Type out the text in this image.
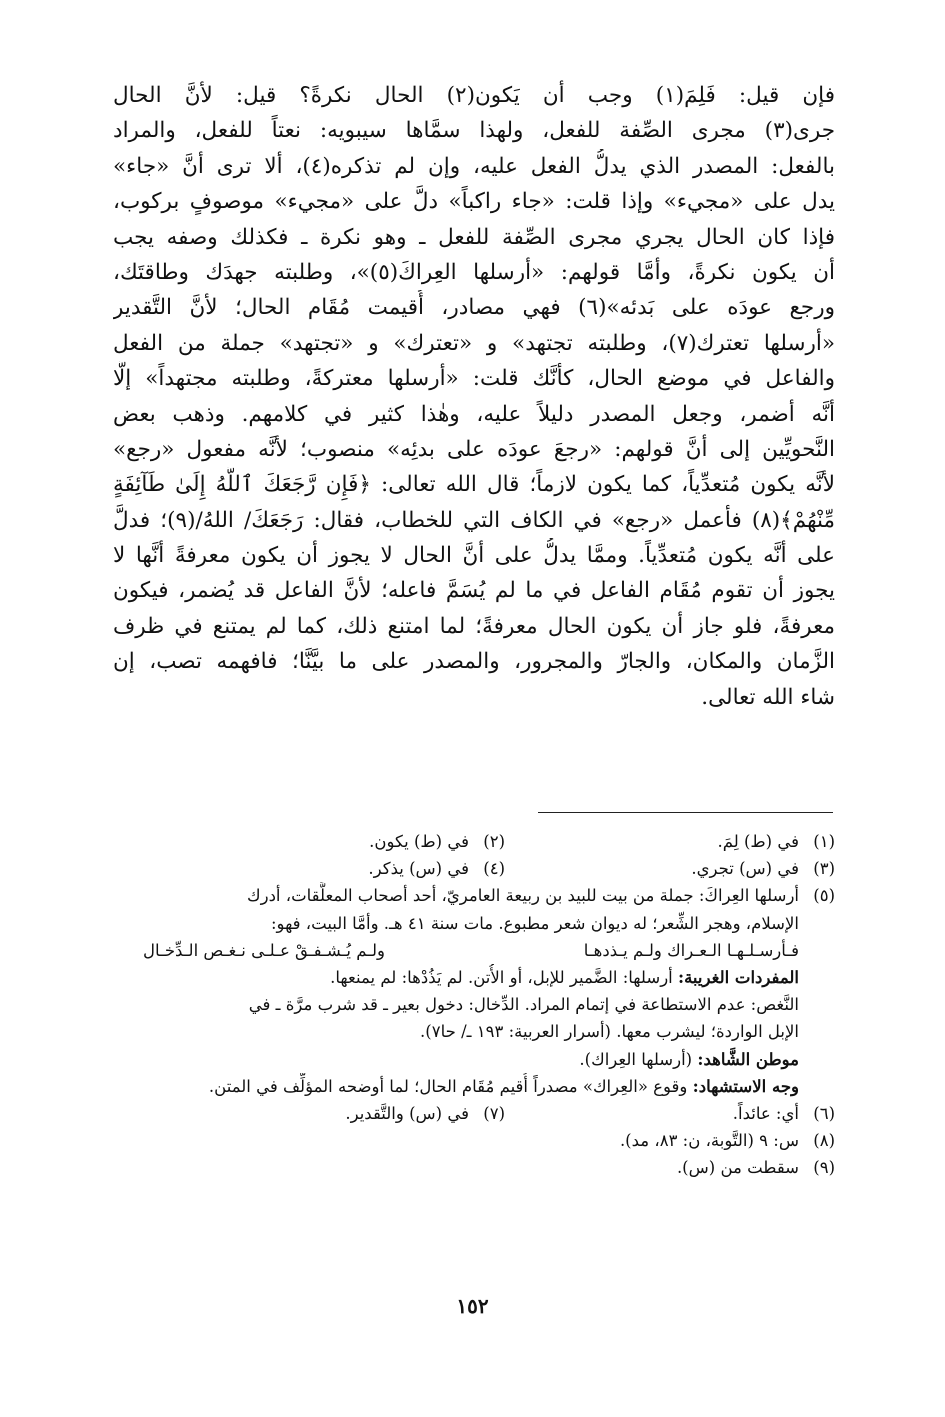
فإن قيل: فَلِمَ(١) وجب أن يَكون(٢) الحال نكرةً؟ قيل: لأنَّ الحال
جرى(٣) مجرى الصِّفة للفعل، ولهذا سمَّاها سيبويه: نعتاً للفعل، والمراد
بالفعل: المصدر الذي يدلُّ الفعل عليه، وإن لم تذكره(٤)، ألا ترى أنَّ «جاء»
يدل على «مجيء» وإذا قلت: «جاء راكباً» دلَّ على «مجيء» موصوفٍ بركوب،
فإذا كان الحال يجري مجرى الصِّفة للفعل ـ وهو نكرة ـ فكذلك وصفه يجب
أن يكون نكرةً، وأمَّا قولهم: «أرسلها العِراكَ(٥)»، وطلبته جهدَك وطاقتَك،
ورجع عودَه على بَدئه»(٦) فهي مصادر، أُقيمت مُقَام الحال؛ لأنَّ التَّقدير
«أرسلها تعترك(٧)، وطلبته تجتهد» و «تعترك» و «تجتهد» جملة من الفعل
والفاعل في موضع الحال، كأنَّك قلت: «أرسلها معتركةً، وطلبته مجتهداً» إلَّا
أنَّه أضمر، وجعل المصدر دليلاً عليه، وهٰذا كثير في كلامهم. وذهب بعض
النَّحويِّين إلى أنَّ قولهم: «رجعَ عودَه على بدئِه» منصوب؛ لأنَّه مفعول «رجع»
لأنَّه يكون مُتعدِّياً، كما يكون لازماً؛ قال الله تعالى: ﴿فَإِن رَّجَعَكَ ٱللَّهُ إِلَىٰ طَآئِفَةٍ
مِّنْهُمْ﴾(٨) فأعمل «رجع» في الكاف التي للخطاب، فقال: رَجَعَكَ/ اللهُ/(٩)؛ فدلَّ
على أنَّه يكون مُتعدِّياً. وممَّا يدلُّ على أنَّ الحال لا يجوز أن يكون معرفةً أنَّها لا
يجوز أن تقوم مُقَام الفاعل في ما لم يُسَمَّ فاعله؛ لأنَّ الفاعل قد يُضمر، فيكون
معرفةً، فلو جاز أن يكون الحال معرفةً؛ لما امتنع ذلك، كما لم يمتنع في ظرف
الزَّمان والمكان، والجارّ والمجرور، والمصدر على ما بيَّنَّا؛ فافهمه تصب، إن
شاء الله تعالى.
(١)
في (ط) لِمَ.
(٢)
في (ط) يكون.
(٣)
في (س) تجري.
(٤)
في (س) يذكر.
(٥)
أرسلها العِراكَ: جملة من بيت للبيد بن ربيعة العامريّ، أحد أصحاب المعلَّقات، أدرك
الإسلام، وهجر الشِّعر؛ له ديوان شعر مطبوع. مات سنة ٤١ هـ. وأمَّا البيت، فهو:
فـأرسـلـهـا الـعـراك ولـم يـذدهـا
ولـم يُـشـفـقْ عـلـى نـغـص الـدِّخـال
المفردات الغريبة: أرسلها: الضَّمير للإبل، أو الأُتن. لم يَذُدْها: لم يمنعها.
النَّغص: عدم الاستطاعة في إتمام المراد. الدِّخال: دخول بعير ـ قد شرب مرَّة ـ في
الإبل الواردة؛ ليشرب معها. (أسرار العربية: ١٩٣ ـ/ حا٧).
موطن الشَّاهد: (أرسلها العِراك).
وجه الاستشهاد: وقوع «العِراك» مصدراً أُقيم مُقَام الحال؛ لما أوضحه المؤلِّف في المتن.
(٦)
أي: عائداً.
(٧)
في (س) والتَّقدير.
(٨)
س: ٩ (التَّوبة، ن: ٨٣، مد).
(٩)
سقطت من (س).
١٥٢
